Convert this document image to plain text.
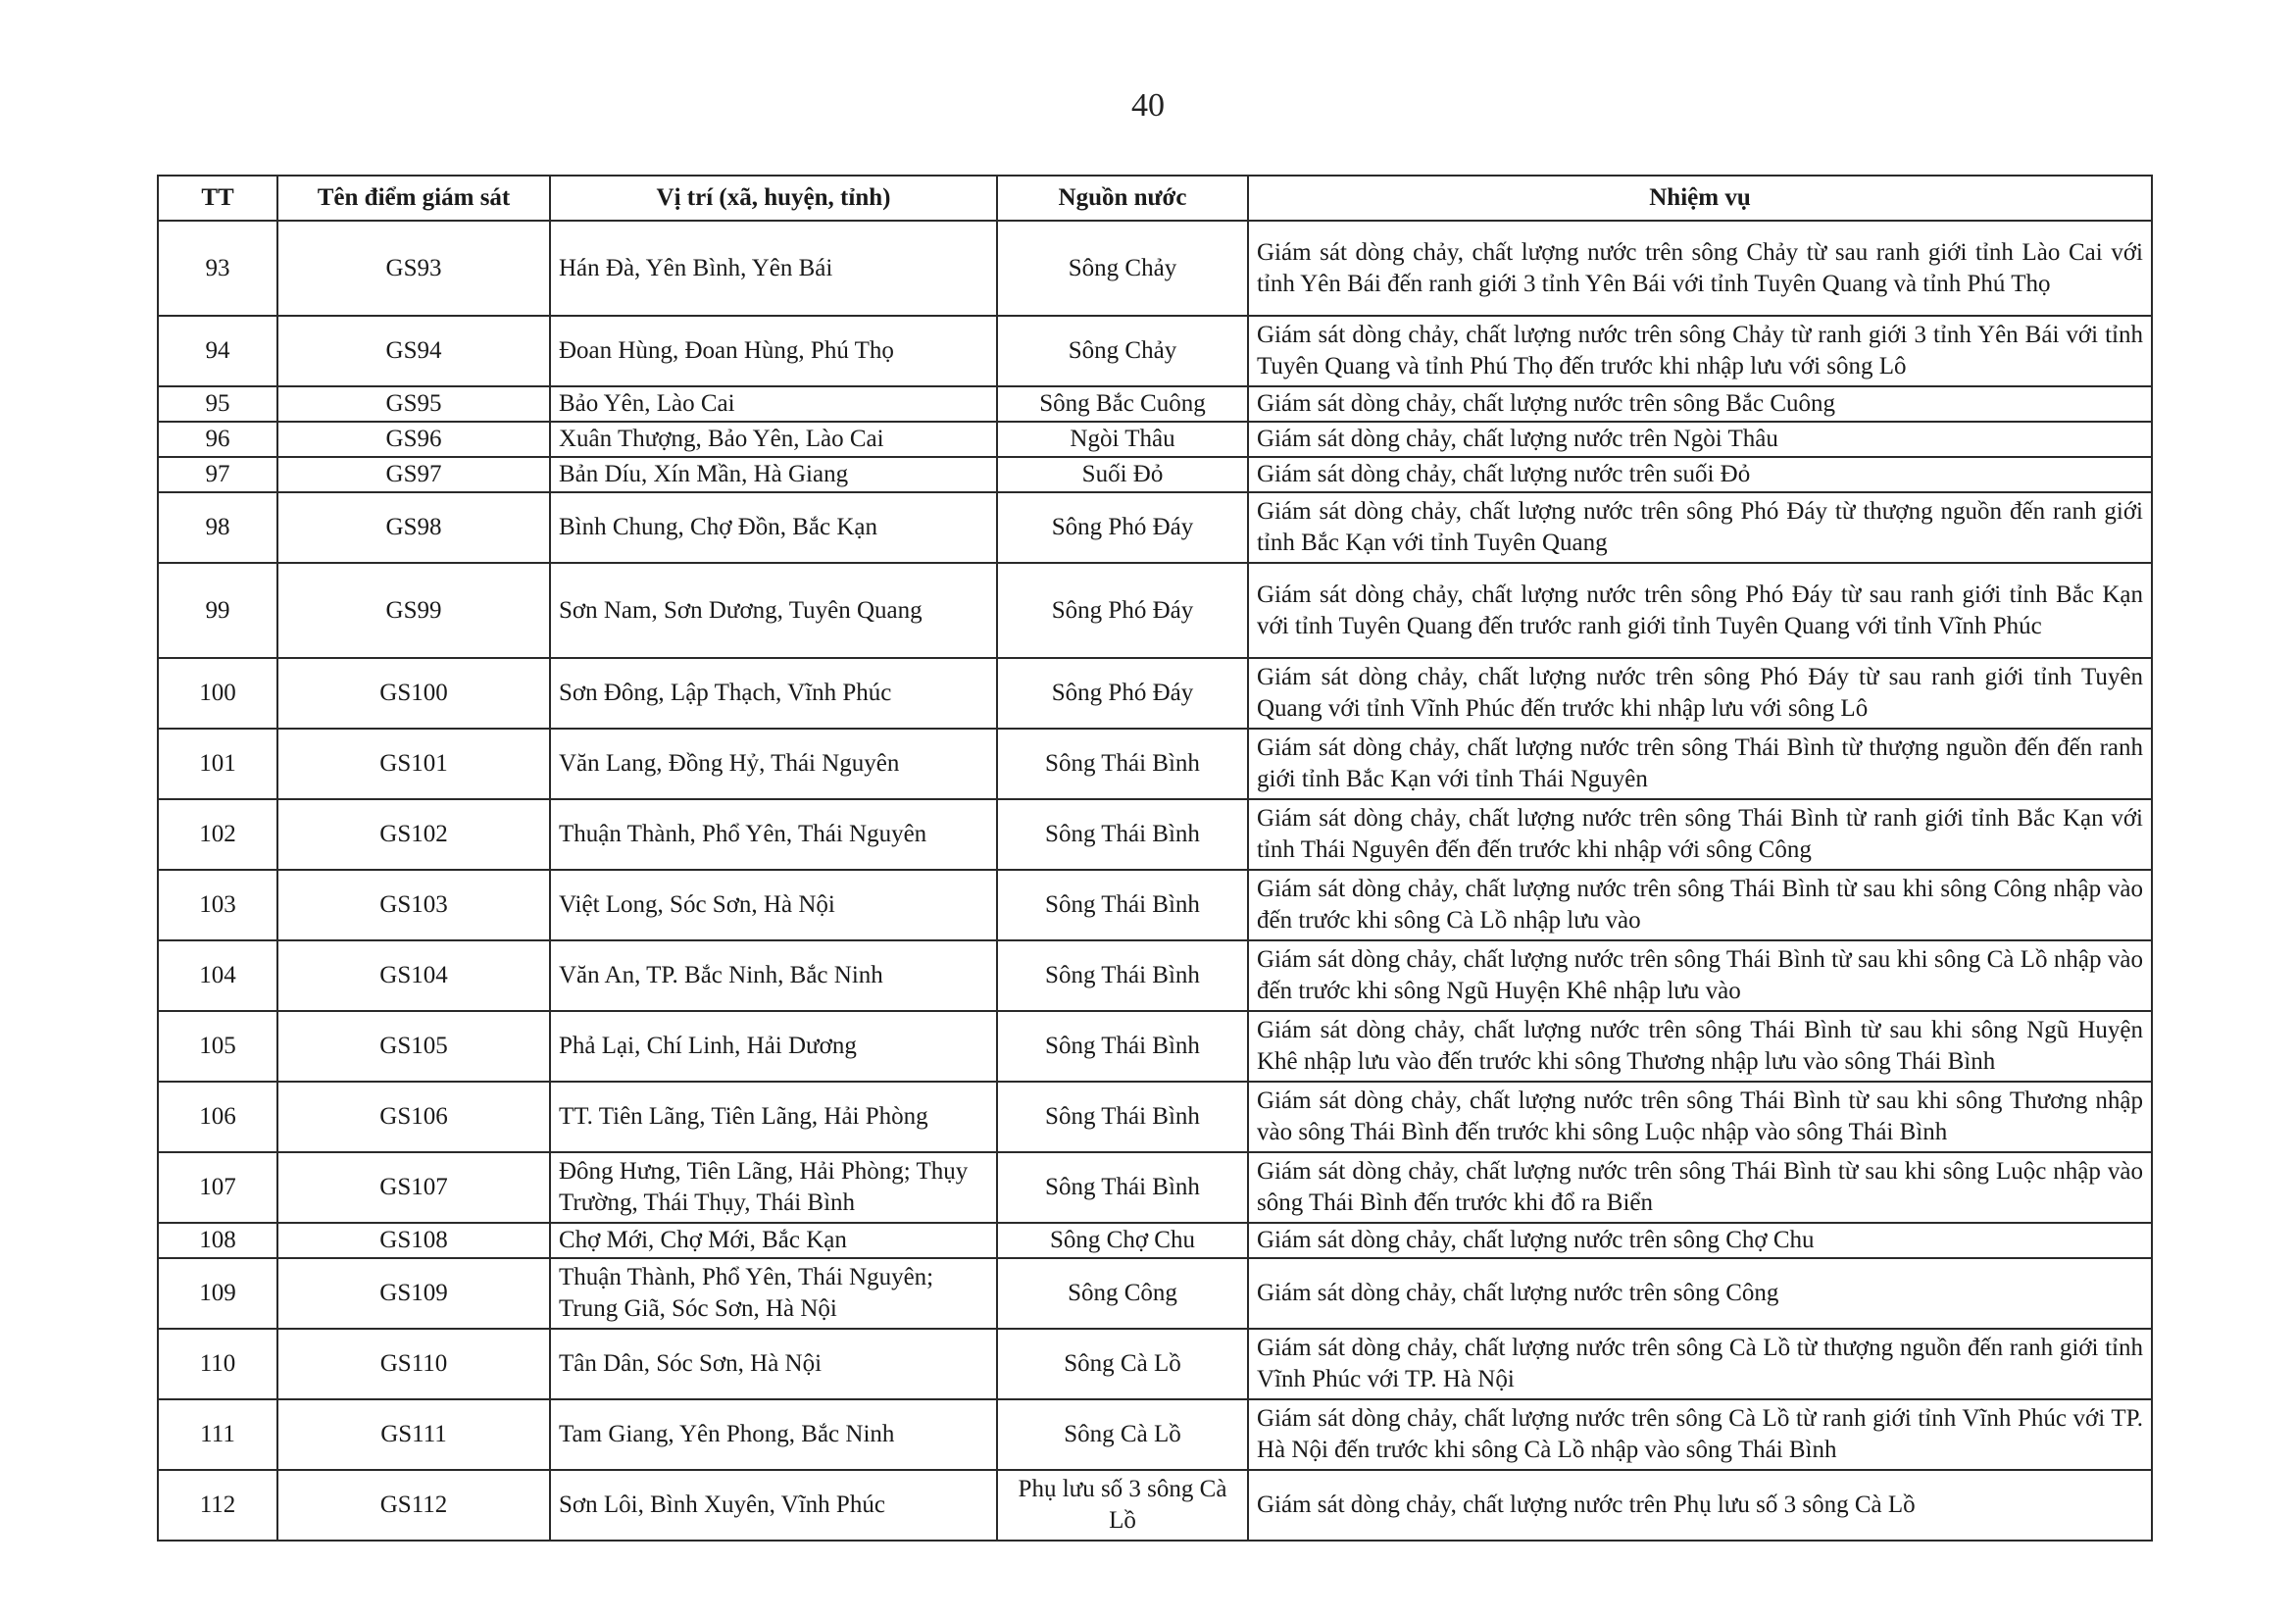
40
TT	Tên điểm giám sát	Vị trí (xã, huyện, tỉnh)	Nguồn nước	Nhiệm vụ
93	GS93	Hán Đà, Yên Bình, Yên Bái	Sông Chảy	Giám sát dòng chảy, chất lượng nước trên sông Chảy từ sau ranh giới tỉnh Lào Cai với tỉnh Yên Bái đến ranh giới 3 tỉnh Yên Bái với tỉnh Tuyên Quang và tỉnh Phú Thọ
94	GS94	Đoan Hùng, Đoan Hùng, Phú Thọ	Sông Chảy	Giám sát dòng chảy, chất lượng nước trên sông Chảy từ ranh giới 3 tỉnh Yên Bái với tỉnh Tuyên Quang và tỉnh Phú Thọ đến trước khi nhập lưu với sông Lô
95	GS95	Bảo Yên, Lào Cai	Sông Bắc Cuông	Giám sát dòng chảy, chất lượng nước trên sông Bắc Cuông
96	GS96	Xuân Thượng, Bảo Yên, Lào Cai	Ngòi Thâu	Giám sát dòng chảy, chất lượng nước trên Ngòi Thâu
97	GS97	Bản Díu, Xín Mần, Hà Giang	Suối Đỏ	Giám sát dòng chảy, chất lượng nước trên suối Đỏ
98	GS98	Bình Chung, Chợ Đồn, Bắc Kạn	Sông Phó Đáy	Giám sát dòng chảy, chất lượng nước trên sông Phó Đáy từ thượng nguồn đến ranh giới tỉnh Bắc Kạn với tỉnh Tuyên Quang
99	GS99	Sơn Nam, Sơn Dương, Tuyên Quang	Sông Phó Đáy	Giám sát dòng chảy, chất lượng nước trên sông Phó Đáy từ sau ranh giới tỉnh Bắc Kạn với tỉnh Tuyên Quang đến trước ranh giới tỉnh Tuyên Quang với tỉnh Vĩnh Phúc
100	GS100	Sơn Đông, Lập Thạch, Vĩnh Phúc	Sông Phó Đáy	Giám sát dòng chảy, chất lượng nước trên sông Phó Đáy từ sau ranh giới tỉnh Tuyên Quang với tỉnh Vĩnh Phúc đến trước khi nhập lưu với sông Lô
101	GS101	Văn Lang, Đồng Hỷ, Thái Nguyên	Sông Thái Bình	Giám sát dòng chảy, chất lượng nước trên sông Thái Bình từ thượng nguồn đến đến ranh giới tỉnh Bắc Kạn với tỉnh Thái Nguyên
102	GS102	Thuận Thành, Phổ Yên, Thái Nguyên	Sông Thái Bình	Giám sát dòng chảy, chất lượng nước trên sông Thái Bình từ ranh giới tỉnh Bắc Kạn với tỉnh Thái Nguyên đến đến trước khi nhập với sông Công
103	GS103	Việt Long, Sóc Sơn, Hà Nội	Sông Thái Bình	Giám sát dòng chảy, chất lượng nước trên sông Thái Bình từ sau khi sông Công nhập vào đến trước khi sông Cà Lồ nhập lưu vào
104	GS104	Văn An, TP. Bắc Ninh, Bắc Ninh	Sông Thái Bình	Giám sát dòng chảy, chất lượng nước trên sông Thái Bình từ sau khi sông Cà Lồ nhập vào đến trước khi sông Ngũ Huyện Khê nhập lưu vào
105	GS105	Phả Lại, Chí Linh, Hải Dương	Sông Thái Bình	Giám sát dòng chảy, chất lượng nước trên sông Thái Bình từ sau khi sông Ngũ Huyện Khê nhập lưu vào đến trước khi sông Thương nhập lưu vào sông Thái Bình
106	GS106	TT. Tiên Lãng, Tiên Lãng, Hải Phòng	Sông Thái Bình	Giám sát dòng chảy, chất lượng nước trên sông Thái Bình từ sau khi sông Thương nhập vào sông Thái Bình đến trước khi sông Luộc nhập vào sông Thái Bình
107	GS107	Đông Hưng, Tiên Lãng, Hải Phòng; Thụy Trường, Thái Thụy, Thái Bình	Sông Thái Bình	Giám sát dòng chảy, chất lượng nước trên sông Thái Bình từ sau khi sông Luộc nhập vào sông Thái Bình đến trước khi đổ ra Biển
108	GS108	Chợ Mới, Chợ Mới, Bắc Kạn	Sông Chợ Chu	Giám sát dòng chảy, chất lượng nước trên sông Chợ Chu
109	GS109	Thuận Thành, Phổ Yên, Thái Nguyên; Trung Giã, Sóc Sơn, Hà Nội	Sông Công	Giám sát dòng chảy, chất lượng nước trên sông Công
110	GS110	Tân Dân, Sóc Sơn, Hà Nội	Sông Cà Lồ	Giám sát dòng chảy, chất lượng nước trên sông Cà Lồ từ thượng nguồn đến ranh giới tỉnh Vĩnh Phúc với TP. Hà Nội
111	GS111	Tam Giang, Yên Phong, Bắc Ninh	Sông Cà Lồ	Giám sát dòng chảy, chất lượng nước trên sông Cà Lồ từ ranh giới tỉnh Vĩnh Phúc với TP. Hà Nội đến trước khi sông Cà Lồ nhập vào sông Thái Bình
112	GS112	Sơn Lôi, Bình Xuyên, Vĩnh Phúc	Phụ lưu số 3 sông Cà Lồ	Giám sát dòng chảy, chất lượng nước trên Phụ lưu số 3 sông Cà Lồ
